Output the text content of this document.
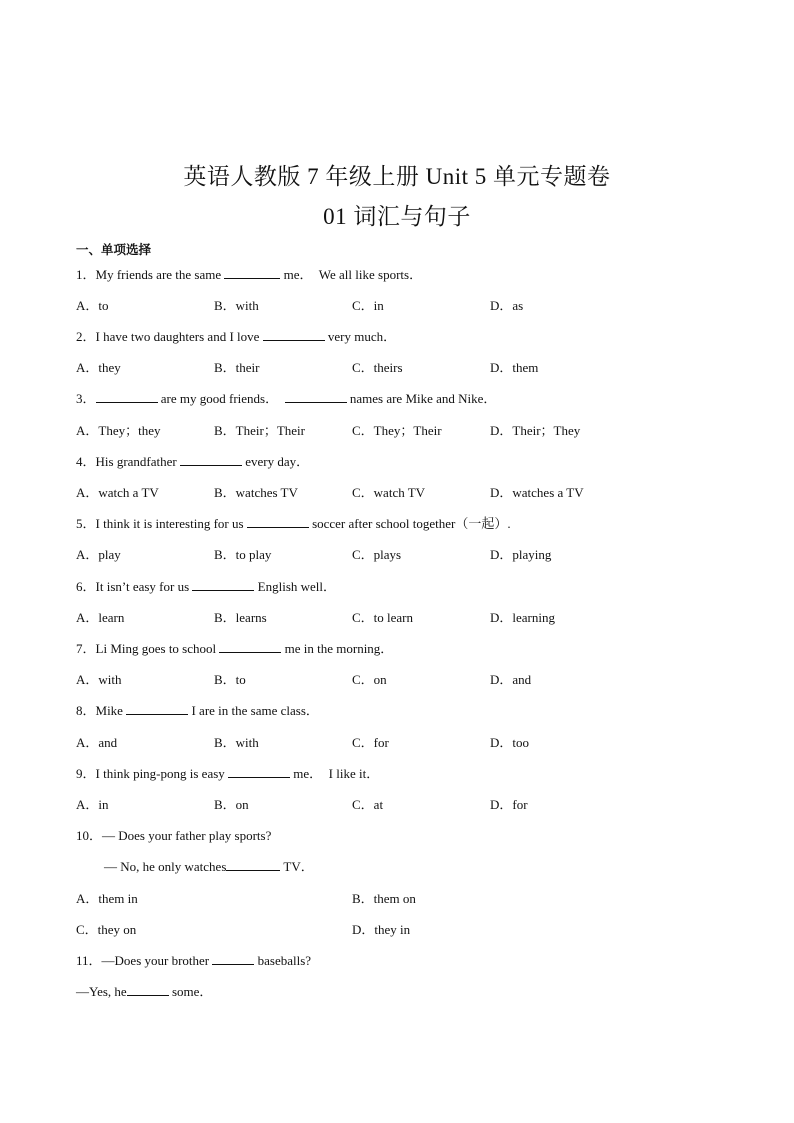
英语人教版 7 年级上册 Unit 5 单元专题卷
01 词汇与句子
一、单项选择
1．My friends are the same	me．  We all like sports．
A．to	B．with	C．in	D．as
2．I have two daughters and I love	very much．
A．they	B．their	C．theirs	D．them
3．	are my good friends．	names are Mike and Nike．
A．They；they	B．Their；Their	C．They；Their	D．Their；They
4．His grandfather	every day．
A．watch a TV	B．watches TV	C．watch TV	D．watches a TV
5．I think it is interesting for us	soccer after school together（一起）.
A．play	B．to play	C．plays	D．playing
6．It isn’t easy for us	English well．
A．learn	B．learns	C．to learn	D．learning
7．Li Ming goes to school	me in the morning．
A．with	B．to	C．on	D．and
8．Mike	I are in the same class．
A．and	B．with	C．for	D．too
9．I think ping-pong is easy	me．  I like it．
A．in	B．on	C．at	D．for
10．— Does your father play sports?
— No, he only watches	TV．
A．them in	B．them on
C．they on	D．they in
11．—Does your brother	baseballs?
—Yes, he	some．
